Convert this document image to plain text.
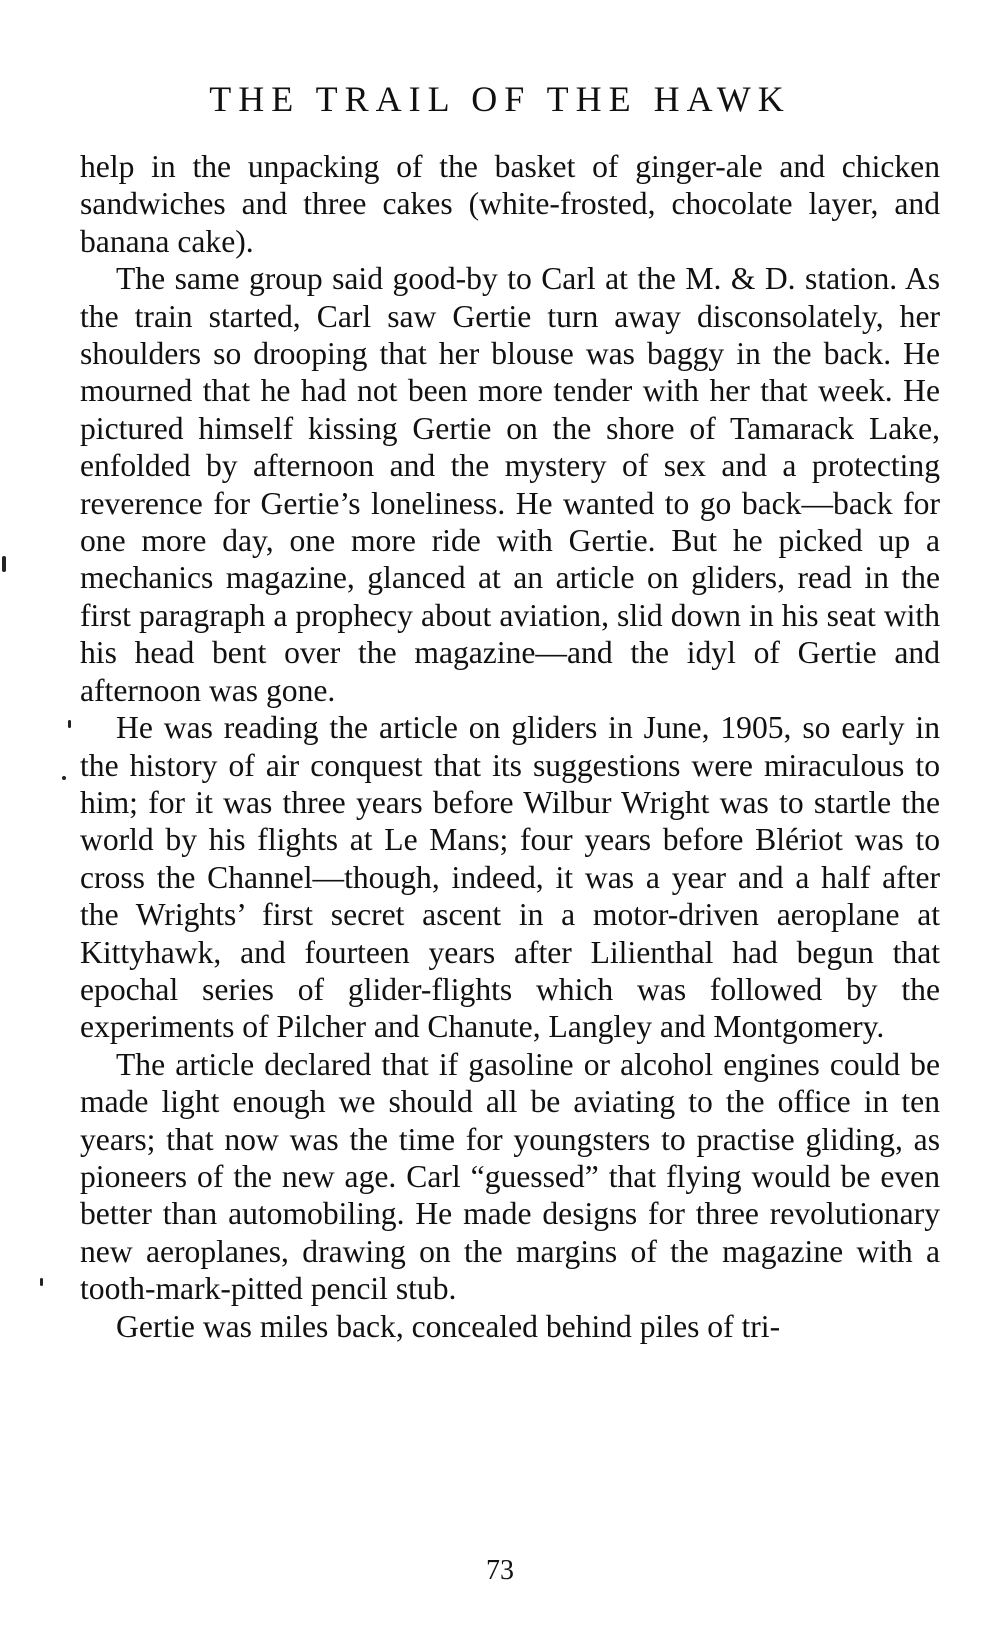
THE TRAIL OF THE HAWK

help in the unpacking of the basket of ginger-ale and chicken sandwiches and three cakes (white-frosted, chocolate layer, and banana cake).

The same group said good-by to Carl at the M. & D. station. As the train started, Carl saw Gertie turn away disconsolately, her shoulders so drooping that her blouse was baggy in the back. He mourned that he had not been more tender with her that week. He pictured himself kissing Gertie on the shore of Tamarack Lake, enfolded by afternoon and the mystery of sex and a protecting reverence for Gertie’s loneliness. He wanted to go back—back for one more day, one more ride with Gertie. But he picked up a mechanics magazine, glanced at an article on gliders, read in the first paragraph a prophecy about aviation, slid down in his seat with his head bent over the magazine—and the idyl of Gertie and afternoon was gone.

He was reading the article on gliders in June, 1905, so early in the history of air conquest that its suggestions were miraculous to him; for it was three years before Wilbur Wright was to startle the world by his flights at Le Mans; four years before Blériot was to cross the Channel—though, indeed, it was a year and a half after the Wrights’ first secret ascent in a motor-driven aeroplane at Kittyhawk, and fourteen years after Lilienthal had begun that epochal series of glider-flights which was followed by the experiments of Pilcher and Chanute, Langley and Montgomery.

The article declared that if gasoline or alcohol engines could be made light enough we should all be aviating to the office in ten years; that now was the time for youngsters to practise gliding, as pioneers of the new age. Carl “guessed” that flying would be even better than automobiling. He made designs for three revolutionary new aeroplanes, drawing on the margins of the magazine with a tooth-mark-pitted pencil stub.

Gertie was miles back, concealed behind piles of tri-

73
